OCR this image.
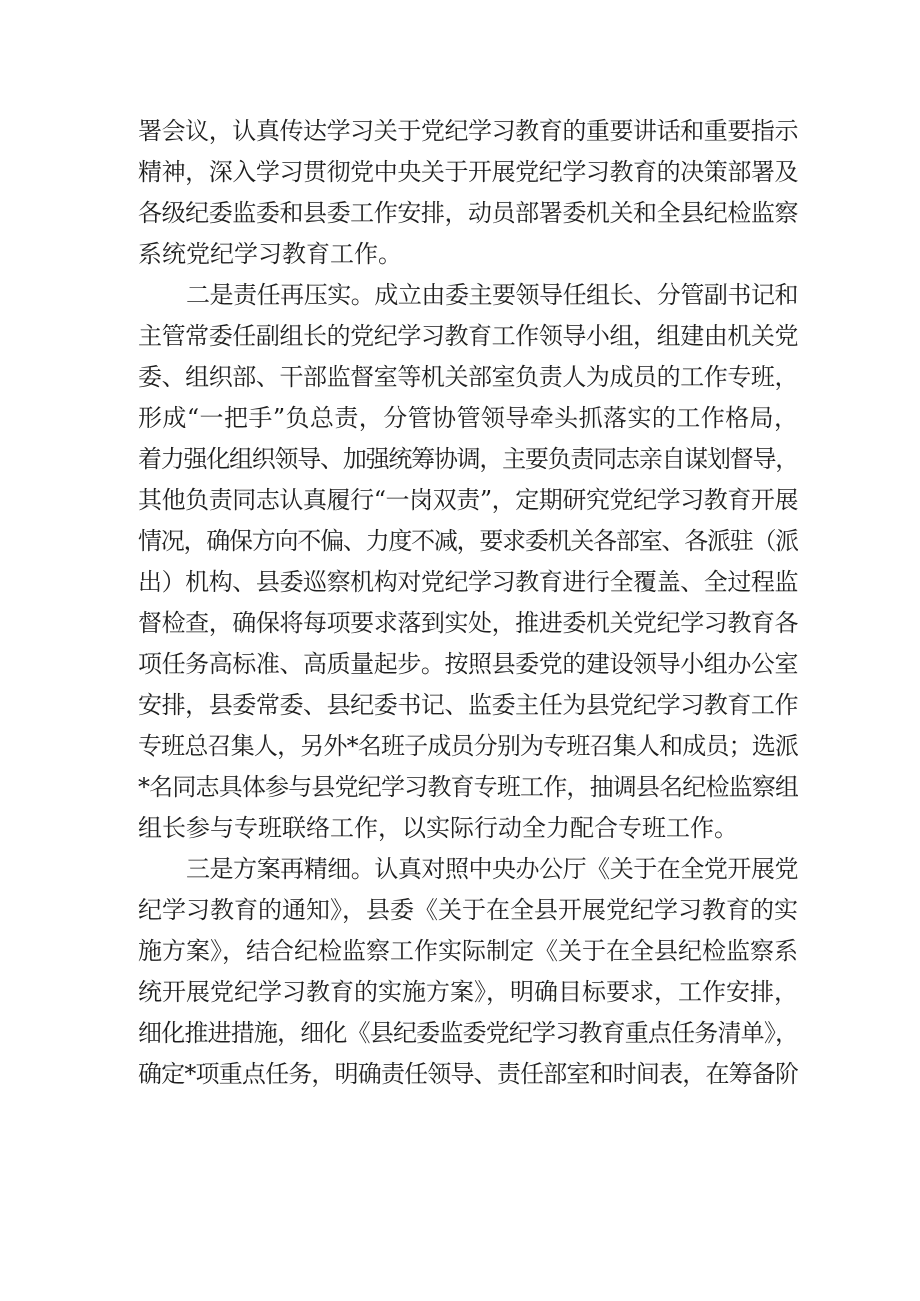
署会议，认真传达学习关于党纪学习教育的重要讲话和重要指示
精神，深入学习贯彻党中央关于开展党纪学习教育的决策部署及
各级纪委监委和县委工作安排，动员部署委机关和全县纪检监察
系统党纪学习教育工作。
二是责任再压实。成立由委主要领导任组长、分管副书记和
主管常委任副组长的党纪学习教育工作领导小组，组建由机关党
委、组织部、干部监督室等机关部室负责人为成员的工作专班，
形成“一把手”负总责，分管协管领导牵头抓落实的工作格局，
着力强化组织领导、加强统筹协调，主要负责同志亲自谋划督导，
其他负责同志认真履行“一岗双责”，定期研究党纪学习教育开展
情况，确保方向不偏、力度不减，要求委机关各部室、各派驻（派
出）机构、县委巡察机构对党纪学习教育进行全覆盖、全过程监
督检查，确保将每项要求落到实处，推进委机关党纪学习教育各
项任务高标准、高质量起步。按照县委党的建设领导小组办公室
安排，县委常委、县纪委书记、监委主任为县党纪学习教育工作
专班总召集人，另外*名班子成员分别为专班召集人和成员；选派
*名同志具体参与县党纪学习教育专班工作，抽调县名纪检监察组
组长参与专班联络工作，以实际行动全力配合专班工作。
三是方案再精细。认真对照中央办公厅《关于在全党开展党
纪学习教育的通知》，县委《关于在全县开展党纪学习教育的实
施方案》，结合纪检监察工作实际制定《关于在全县纪检监察系
统开展党纪学习教育的实施方案》，明确目标要求，工作安排，
细化推进措施，细化《县纪委监委党纪学习教育重点任务清单》，
确定*项重点任务，明确责任领导、责任部室和时间表，在筹备阶
